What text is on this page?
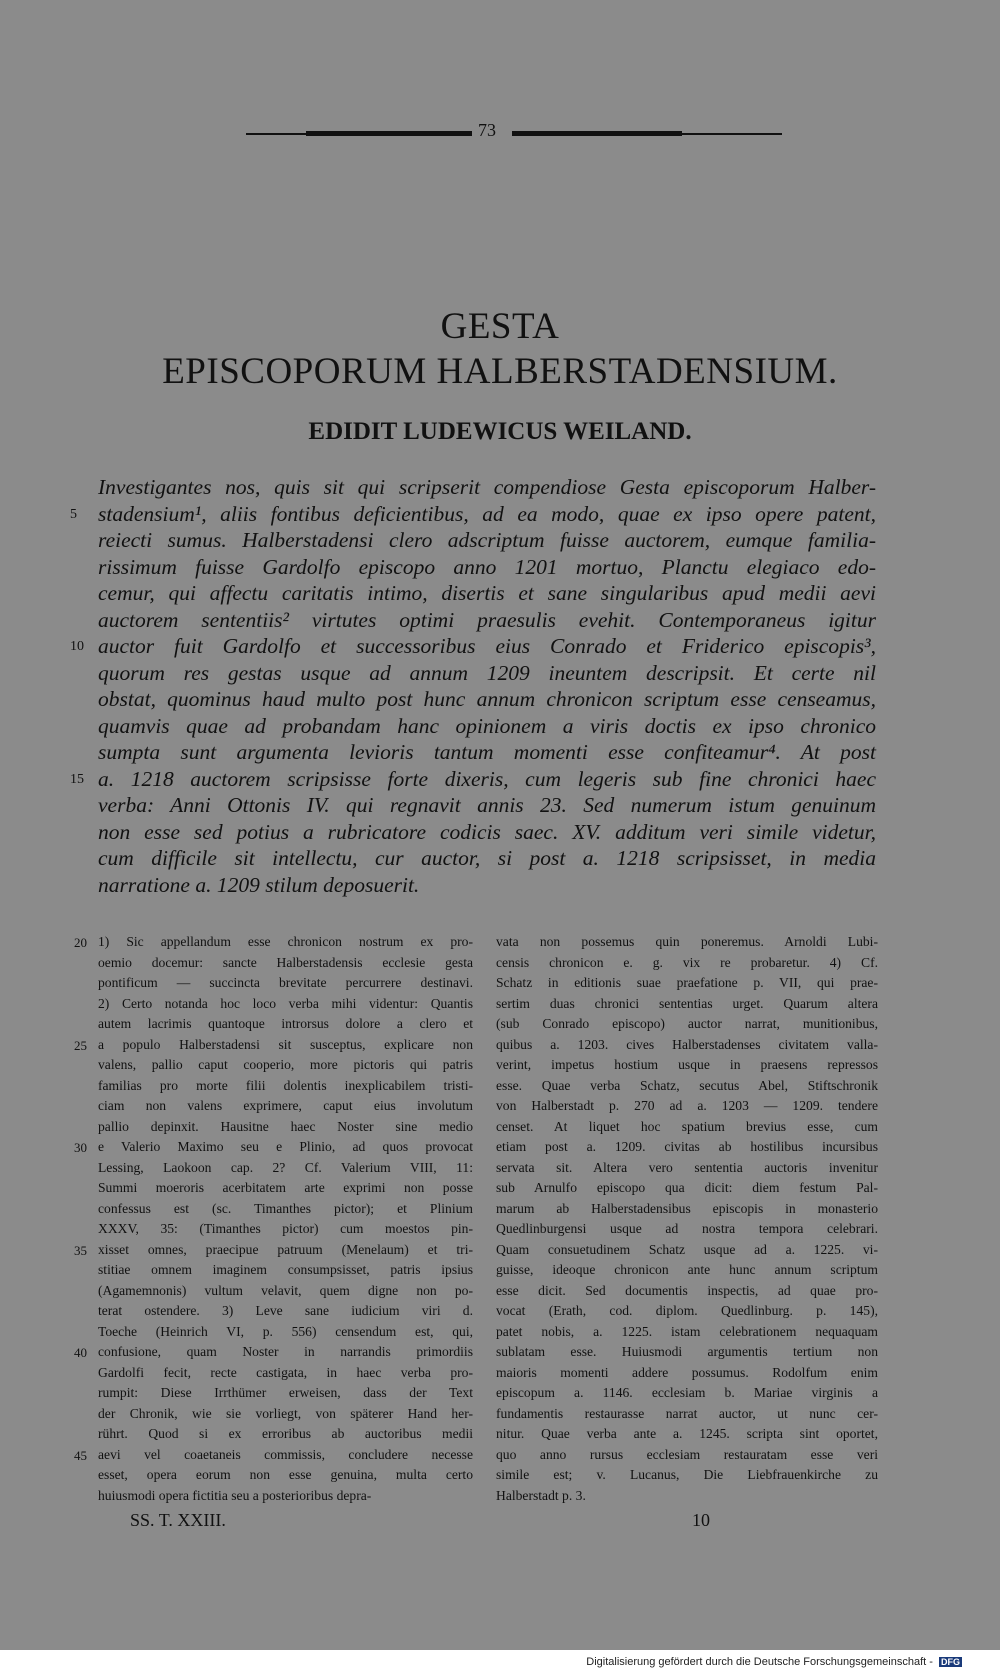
73
GESTA
EPISCOPORUM HALBERSTADENSIUM.
EDIDIT LUDEWICUS WEILAND.
Investigantes nos, quis sit qui scripserit compendiose Gesta episcoporum Halber-
stadensium¹, aliis fontibus deficientibus, ad ea modo, quae ex ipso opere patent,
reiecti sumus. Halberstadensi clero adscriptum fuisse auctorem, eumque familia-
rissimum fuisse Gardolfo episcopo anno 1201 mortuo, Planctu elegiaco edo-
cemur, qui affectu caritatis intimo, disertis et sane singularibus apud medii aevi
auctorem sententiis² virtutes optimi praesulis evehit. Contemporaneus igitur
auctor fuit Gardolfo et successoribus eius Conrado et Friderico episcopis³,
quorum res gestas usque ad annum 1209 ineuntem descripsit. Et certe nil
obstat, quominus haud multo post hunc annum chronicon scriptum esse censeamus,
quamvis quae ad probandam hanc opinionem a viris doctis ex ipso chronico
sumpta sunt argumenta levioris tantum momenti esse confiteamur⁴. At post
a. 1218 auctorem scripsisse forte dixeris, cum legeris sub fine chronici haec
verba: Anni Ottonis IV. qui regnavit annis 23. Sed numerum istum genuinum
non esse sed potius a rubricatore codicis saec. XV. additum veri simile videtur,
cum difficile sit intellectu, cur auctor, si post a. 1218 scripsisset, in media
narratione a. 1209 stilum deposuerit.
5
10
15
1) Sic appellandum esse chronicon nostrum ex pro-
oemio docemur: sancte Halberstadensis ecclesie gesta
pontificum — succincta brevitate percurrere destinavi.
2) Certo notanda hoc loco verba mihi videntur: Quantis
autem lacrimis quantoque introrsus dolore a clero et
a populo Halberstadensi sit susceptus, explicare non
valens, pallio caput cooperio, more pictoris qui patris
familias pro morte filii dolentis inexplicabilem tristi-
ciam non valens exprimere, caput eius involutum
pallio depinxit. Hausitne haec Noster sine medio
e Valerio Maximo seu e Plinio, ad quos provocat
Lessing, Laokoon cap. 2? Cf. Valerium VIII, 11:
Summi moeroris acerbitatem arte exprimi non posse
confessus est (sc. Timanthes pictor); et Plinium
XXXV, 35: (Timanthes pictor) cum moestos pin-
xisset omnes, praecipue patruum (Menelaum) et tri-
stitiae omnem imaginem consumpsisset, patris ipsius
(Agamemnonis) vultum velavit, quem digne non po-
terat ostendere. 3) Leve sane iudicium viri d.
Toeche (Heinrich VI, p. 556) censendum est, qui,
confusione, quam Noster in narrandis primordiis
Gardolfi fecit, recte castigata, in haec verba pro-
rumpit: Diese Irrthümer erweisen, dass der Text
der Chronik, wie sie vorliegt, von späterer Hand her-
rührt. Quod si ex erroribus ab auctoribus medii
aevi vel coaetaneis commissis, concludere necesse
esset, opera eorum non esse genuina, multa certo
huiusmodi opera fictitia seu a posterioribus depra-
vata non possemus quin poneremus. Arnoldi Lubi-
censis chronicon e. g. vix re probaretur. 4) Cf.
Schatz in editionis suae praefatione p. VII, qui prae-
sertim duas chronici sententias urget. Quarum altera
(sub Conrado episcopo) auctor narrat, munitionibus,
quibus a. 1203. cives Halberstadenses civitatem valla-
verint, impetus hostium usque in praesens repressos
esse. Quae verba Schatz, secutus Abel, Stiftschronik
von Halberstadt p. 270 ad a. 1203 — 1209. tendere
censet. At liquet hoc spatium brevius esse, cum
etiam post a. 1209. civitas ab hostilibus incursibus
servata sit. Altera vero sententia auctoris invenitur
sub Arnulfo episcopo qua dicit: diem festum Pal-
marum ab Halberstadensibus episcopis in monasterio
Quedlinburgensi usque ad nostra tempora celebrari.
Quam consuetudinem Schatz usque ad a. 1225. vi-
guisse, ideoque chronicon ante hunc annum scriptum
esse dicit. Sed documentis inspectis, ad quae pro-
vocat (Erath, cod. diplom. Quedlinburg. p. 145),
patet nobis, a. 1225. istam celebrationem nequaquam
sublatam esse. Huiusmodi argumentis tertium non
maioris momenti addere possumus. Rodolfum enim
episcopum a. 1146. ecclesiam b. Mariae virginis a
fundamentis restaurasse narrat auctor, ut nunc cer-
nitur. Quae verba ante a. 1245. scripta sint oportet,
quo anno rursus ecclesiam restauratam esse veri
simile est; v. Lucanus, Die Liebfrauenkirche zu
Halberstadt p. 3.
20
25
30
35
40
45
SS. T. XXIII.	10
Digitalisierung gefördert durch die Deutsche Forschungsgemeinschaft - DFG
